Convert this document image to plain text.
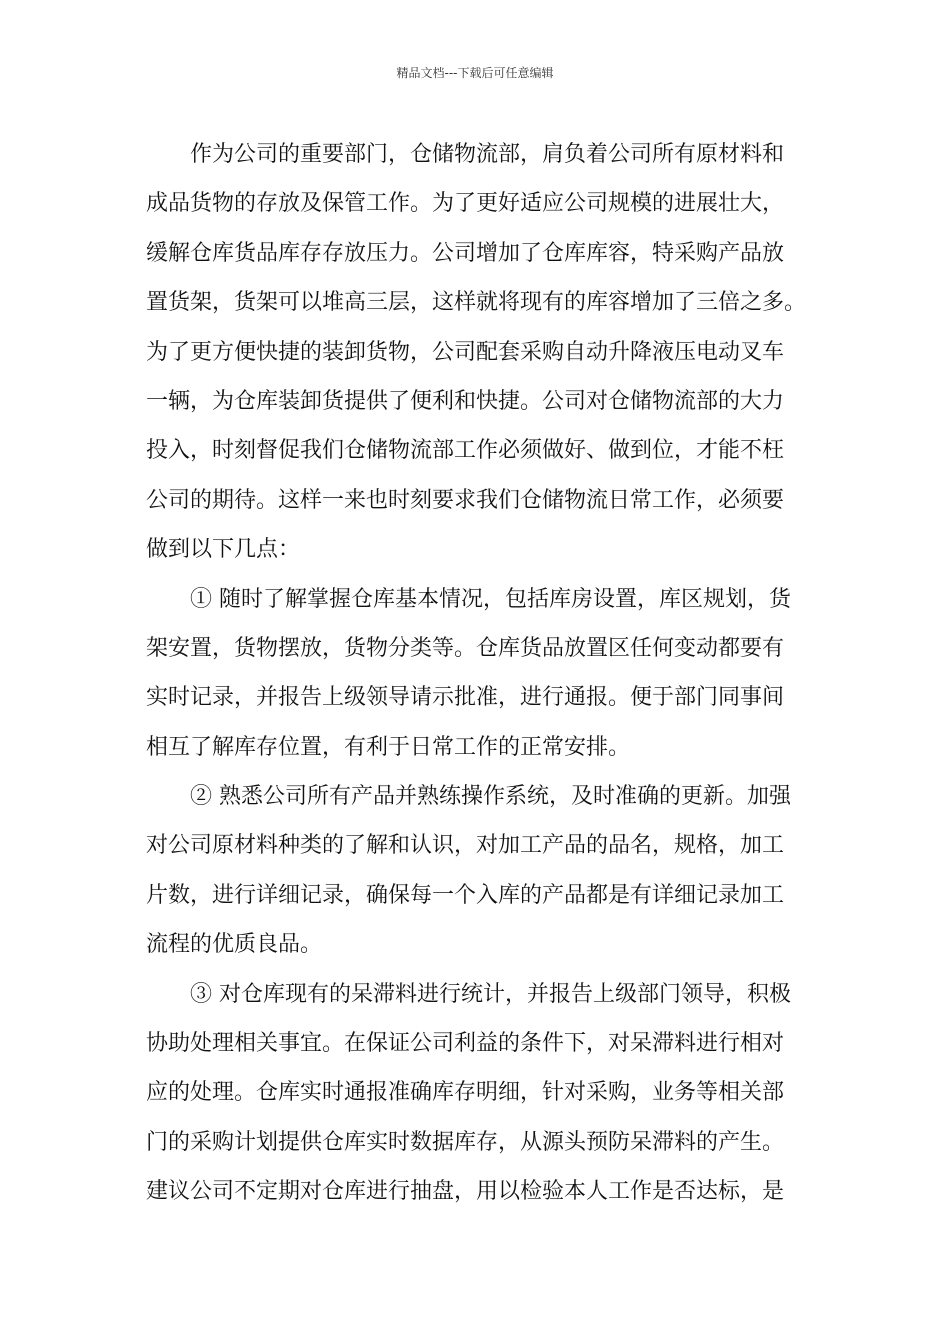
精品文档---下载后可任意编辑
作为公司的重要部门，仓储物流部，肩负着公司所有原材料和
成品货物的存放及保管工作。为了更好适应公司规模的进展壮大，
缓解仓库货品库存存放压力。公司增加了仓库库容，特采购产品放
置货架，货架可以堆高三层，这样就将现有的库容增加了三倍之多。
为了更方便快捷的装卸货物，公司配套采购自动升降液压电动叉车
一辆，为仓库装卸货提供了便利和快捷。公司对仓储物流部的大力
投入，时刻督促我们仓储物流部工作必须做好、做到位，才能不枉
公司的期待。这样一来也时刻要求我们仓储物流日常工作，必须要
做到以下几点：
① 随时了解掌握仓库基本情况，包括库房设置，库区规划，货
架安置，货物摆放，货物分类等。仓库货品放置区任何变动都要有
实时记录，并报告上级领导请示批准，进行通报。便于部门同事间
相互了解库存位置，有利于日常工作的正常安排。
② 熟悉公司所有产品并熟练操作系统，及时准确的更新。加强
对公司原材料种类的了解和认识，对加工产品的品名，规格，加工
片数，进行详细记录，确保每一个入库的产品都是有详细记录加工
流程的优质良品。
③ 对仓库现有的呆滞料进行统计，并报告上级部门领导，积极
协助处理相关事宜。在保证公司利益的条件下，对呆滞料进行相对
应的处理。仓库实时通报准确库存明细，针对采购，业务等相关部
门的采购计划提供仓库实时数据库存，从源头预防呆滞料的产生。
建议公司不定期对仓库进行抽盘，用以检验本人工作是否达标，是
